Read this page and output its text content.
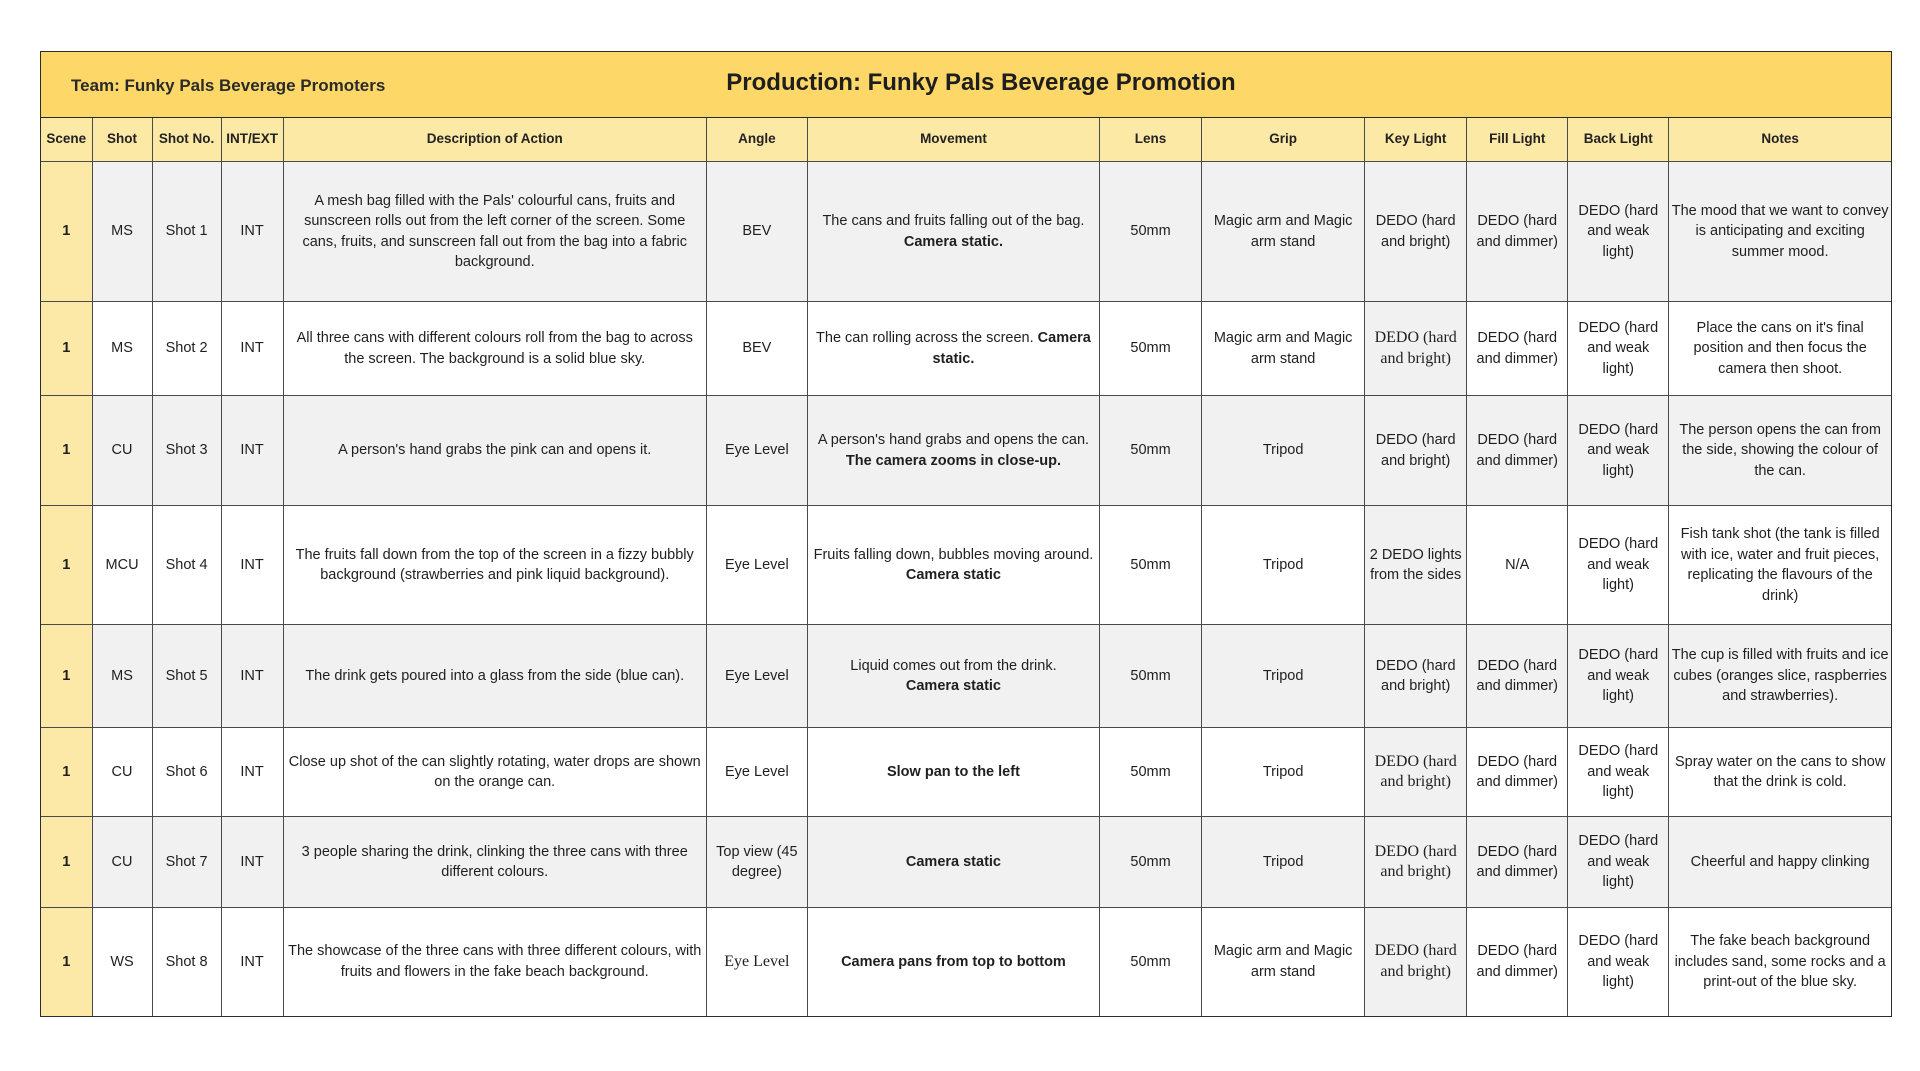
Team: Funky Pals Beverage Promoters	Production: Funky Pals Beverage Promotion
Scene	Shot	Shot No.	INT/EXT	Description of Action	Angle	Movement	Lens	Grip	Key Light	Fill Light	Back Light	Notes
1	MS	Shot 1	INT	A mesh bag filled with the Pals' colourful cans, fruits and sunscreen rolls out from the left corner of the screen. Some cans, fruits, and sunscreen fall out from the bag into a fabric background.	BEV	The cans and fruits falling out of the bag.
Camera static.	50mm	Magic arm and Magic arm stand	DEDO (hard and bright)	DEDO (hard and dimmer)	DEDO (hard and weak light)	The mood that we want to convey is anticipating and exciting summer mood.
1	MS	Shot 2	INT	All three cans with different colours roll from the bag to across the screen. The background is a solid blue sky.	BEV	The can rolling across the screen. Camera static.	50mm	Magic arm and Magic arm stand	DEDO (hard and bright)	DEDO (hard and dimmer)	DEDO (hard and weak light)	Place the cans on it's final position and then focus the camera then shoot.
1	CU	Shot 3	INT	A person's hand grabs the pink can and opens it.	Eye Level	A person's hand grabs and opens the can.
The camera zooms in close-up.	50mm	Tripod	DEDO (hard and bright)	DEDO (hard and dimmer)	DEDO (hard and weak light)	The person opens the can from the side, showing the colour of the can.
1	MCU	Shot 4	INT	The fruits fall down from the top of the screen in a fizzy bubbly background (strawberries and pink liquid background).	Eye Level	Fruits falling down, bubbles moving around. Camera static	50mm	Tripod	2 DEDO lights from the sides	N/A	DEDO (hard and weak light)	Fish tank shot (the tank is filled with ice, water and fruit pieces, replicating the flavours of the drink)
1	MS	Shot 5	INT	The drink gets poured into a glass from the side (blue can).	Eye Level	Liquid comes out from the drink.
Camera static	50mm	Tripod	DEDO (hard and bright)	DEDO (hard and dimmer)	DEDO (hard and weak light)	The cup is filled with fruits and ice cubes (oranges slice, raspberries and strawberries).
1	CU	Shot 6	INT	Close up shot of the can slightly rotating, water drops are shown on the orange can.	Eye Level	Slow pan to the left	50mm	Tripod	DEDO (hard and bright)	DEDO (hard and dimmer)	DEDO (hard and weak light)	Spray water on the cans to show that the drink is cold.
1	CU	Shot 7	INT	3 people sharing the drink, clinking the three cans with three different colours.	Top view (45 degree)	Camera static	50mm	Tripod	DEDO (hard and bright)	DEDO (hard and dimmer)	DEDO (hard and weak light)	Cheerful and happy clinking
1	WS	Shot 8	INT	The showcase of the three cans with three different colours, with fruits and flowers in the fake beach background.	Eye Level	Camera pans from top to bottom	50mm	Magic arm and Magic arm stand	DEDO (hard and bright)	DEDO (hard and dimmer)	DEDO (hard and weak light)	The fake beach background includes sand, some rocks and a print-out of the blue sky.
